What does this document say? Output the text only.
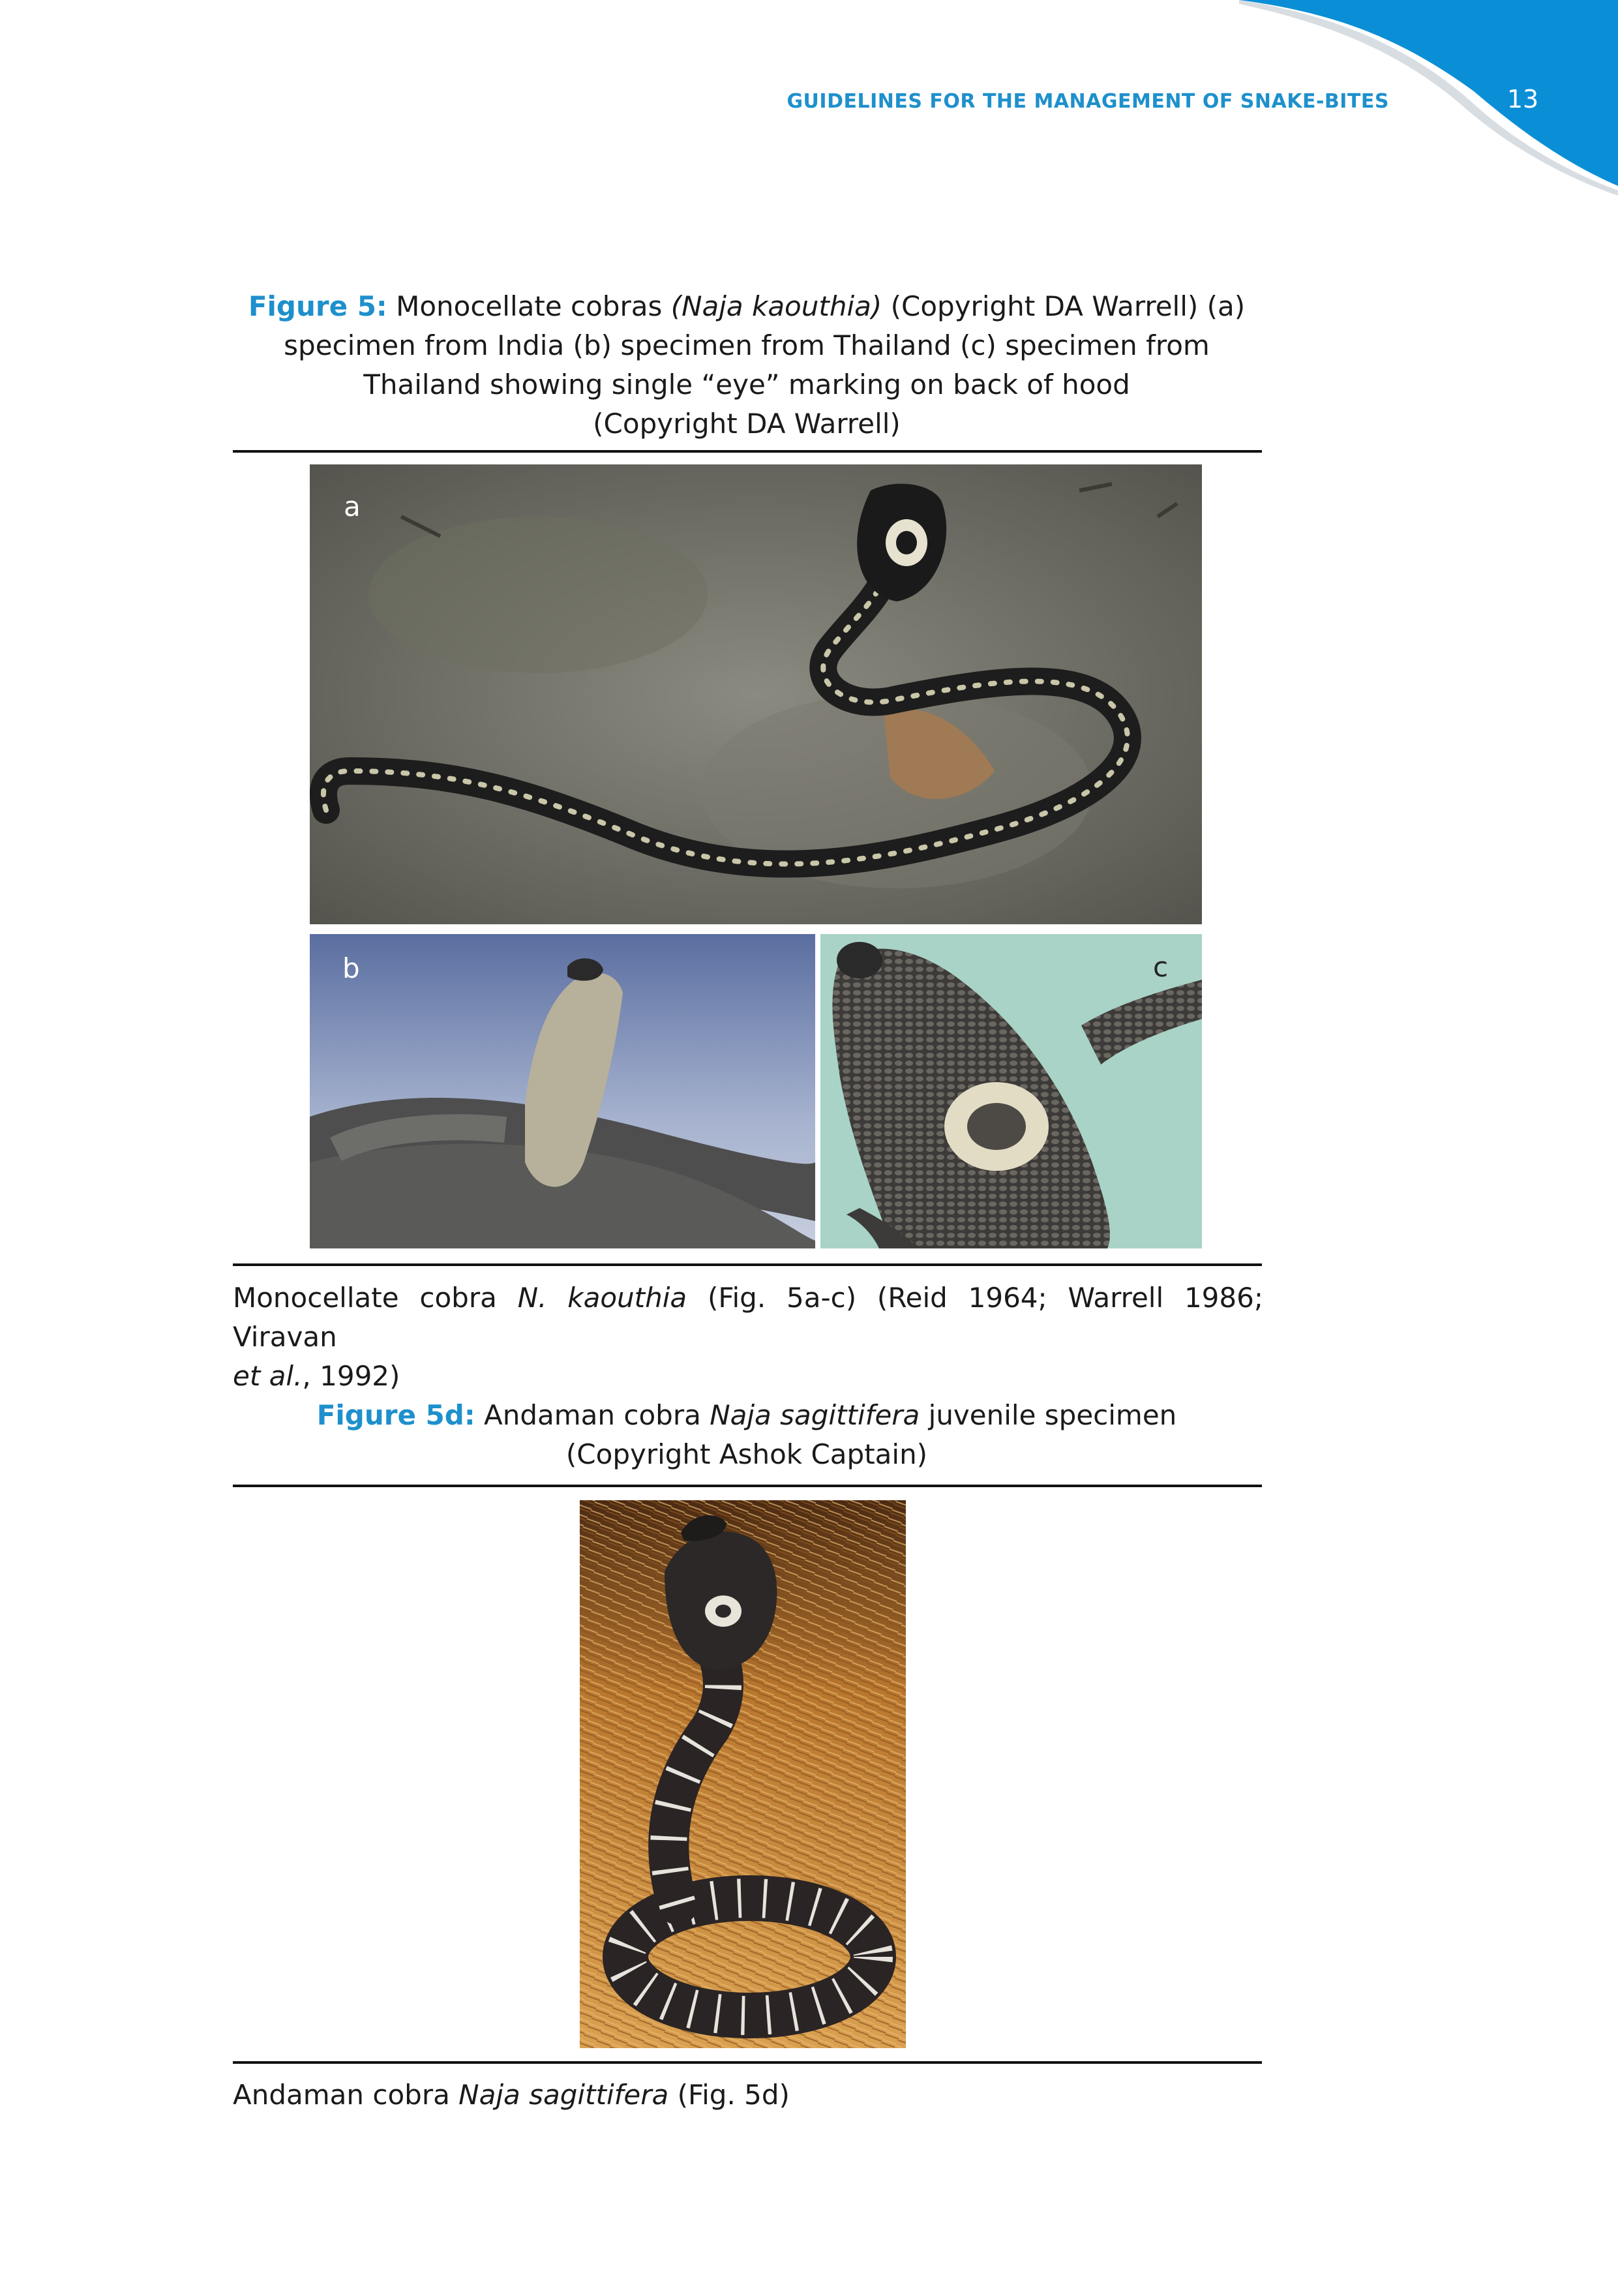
GUIDELINES FOR THE MANAGEMENT OF SNAKE-BITES	13
Figure 5: Monocellate cobras (Naja kaouthia) (Copyright DA Warrell) (a)
specimen from India (b) specimen from Thailand (c) specimen from
Thailand showing single “eye” marking on back of hood
(Copyright DA Warrell)
a
b	c
Monocellate cobra N. kaouthia (Fig. 5a-c) (Reid 1964; Warrell 1986; Viravan
et al., 1992)
Figure 5d: Andaman cobra Naja sagittifera juvenile specimen
(Copyright Ashok Captain)
Andaman cobra Naja sagittifera (Fig. 5d)
